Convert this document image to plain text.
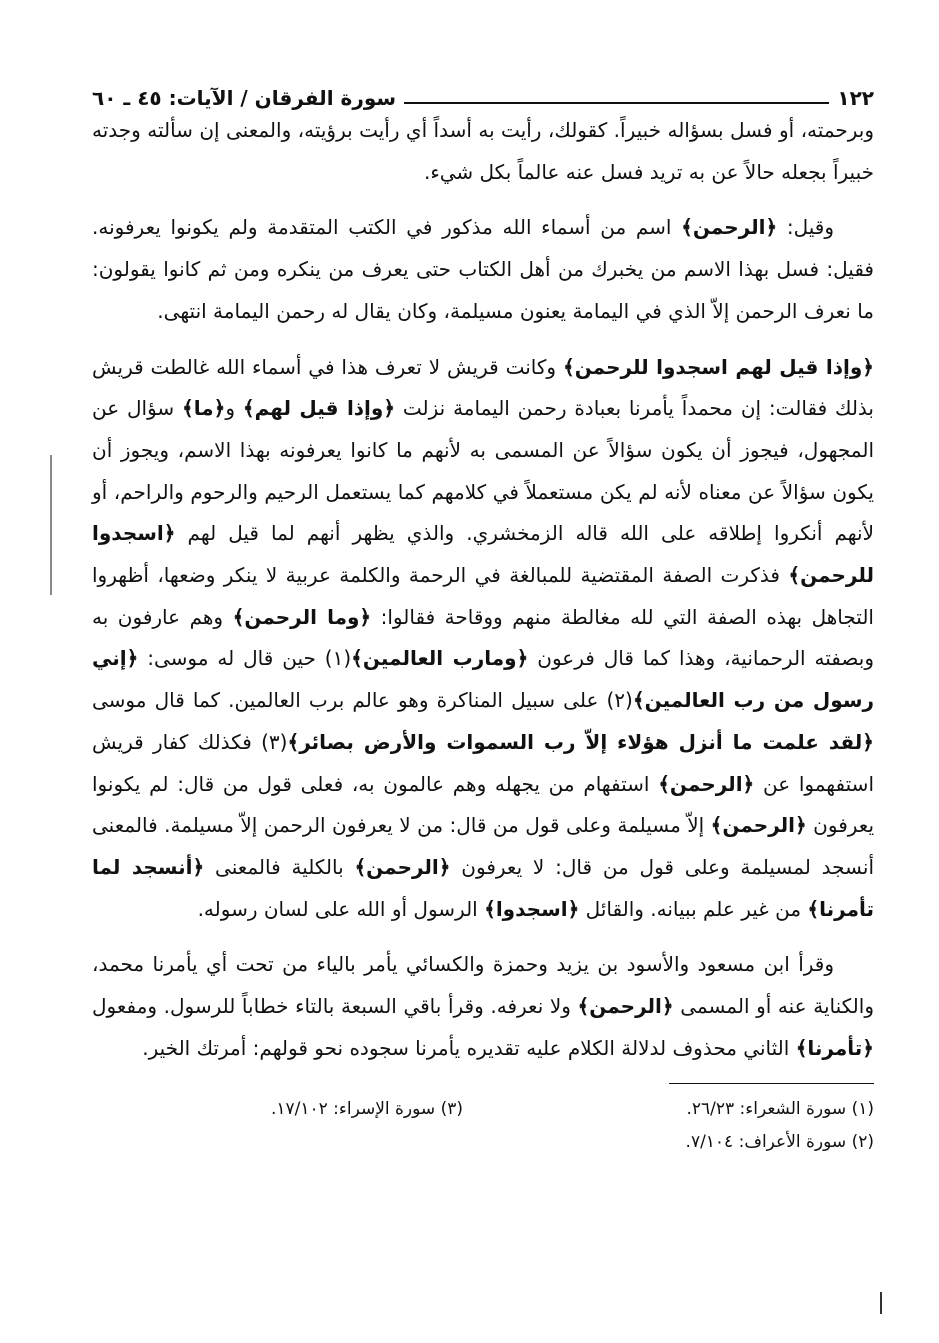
١٢٢
سورة الفرقان / الآيات: ٤٥ ـ ٦٠

وبرحمته، أو فسل بسؤاله خبيراً. كقولك، رأيت به أسداً أي رأيت برؤيته، والمعنى إن سألته وجدته خبيراً بجعله حالاً عن به تريد فسل عنه عالماً بكل شيء.

وقيل: ﴿الرحمن﴾ اسم من أسماء الله مذكور في الكتب المتقدمة ولم يكونوا يعرفونه. فقيل: فسل بهذا الاسم من يخبرك من أهل الكتاب حتى يعرف من ينكره ومن ثم كانوا يقولون: ما نعرف الرحمن إلاّ الذي في اليمامة يعنون مسيلمة، وكان يقال له رحمن اليمامة انتهى.

﴿وإذا قيل لهم اسجدوا للرحمن﴾ وكانت قريش لا تعرف هذا في أسماء الله غالطت قريش بذلك فقالت: إن محمداً يأمرنا بعبادة رحمن اليمامة نزلت ﴿وإذا قيل لهم﴾ و﴿ما﴾ سؤال عن المجهول، فيجوز أن يكون سؤالاً عن المسمى به لأنهم ما كانوا يعرفونه بهذا الاسم، ويجوز أن يكون سؤالاً عن معناه لأنه لم يكن مستعملاً في كلامهم كما يستعمل الرحيم والرحوم والراحم، أو لأنهم أنكروا إطلاقه على الله قاله الزمخشري. والذي يظهر أنهم لما قيل لهم ﴿اسجدوا للرحمن﴾ فذكرت الصفة المقتضية للمبالغة في الرحمة والكلمة عربية لا ينكر وضعها، أظهروا التجاهل بهذه الصفة التي لله مغالطة منهم ووقاحة فقالوا: ﴿وما الرحمن﴾ وهم عارفون به وبصفته الرحمانية، وهذا كما قال فرعون ﴿ومارب العالمين﴾(١) حين قال له موسى: ﴿إني رسول من رب العالمين﴾(٢) على سبيل المناكرة وهو عالم برب العالمين. كما قال موسى ﴿لقد علمت ما أنزل هؤلاء إلاّ رب السموات والأرض بصائر﴾(٣) فكذلك كفار قريش استفهموا عن ﴿الرحمن﴾ استفهام من يجهله وهم عالمون به، فعلى قول من قال: لم يكونوا يعرفون ﴿الرحمن﴾ إلاّ مسيلمة وعلى قول من قال: من لا يعرفون الرحمن إلاّ مسيلمة. فالمعنى أنسجد لمسيلمة وعلى قول من قال: لا يعرفون ﴿الرحمن﴾ بالكلية فالمعنى ﴿أنسجد لما تأمرنا﴾ من غير علم ببيانه. والقائل ﴿اسجدوا﴾ الرسول أو الله على لسان رسوله.

وقرأ ابن مسعود والأسود بن يزيد وحمزة والكسائي يأمر بالياء من تحت أي يأمرنا محمد، والكناية عنه أو المسمى ﴿الرحمن﴾ ولا نعرفه. وقرأ باقي السبعة بالتاء خطاباً للرسول. ومفعول ﴿تأمرنا﴾ الثاني محذوف لدلالة الكلام عليه تقديره يأمرنا سجوده نحو قولهم: أمرتك الخير.

(١) سورة الشعراء: ٢٦/٢٣.
(٣) سورة الإسراء: ١٧/١٠٢.
(٢) سورة الأعراف: ٧/١٠٤.
